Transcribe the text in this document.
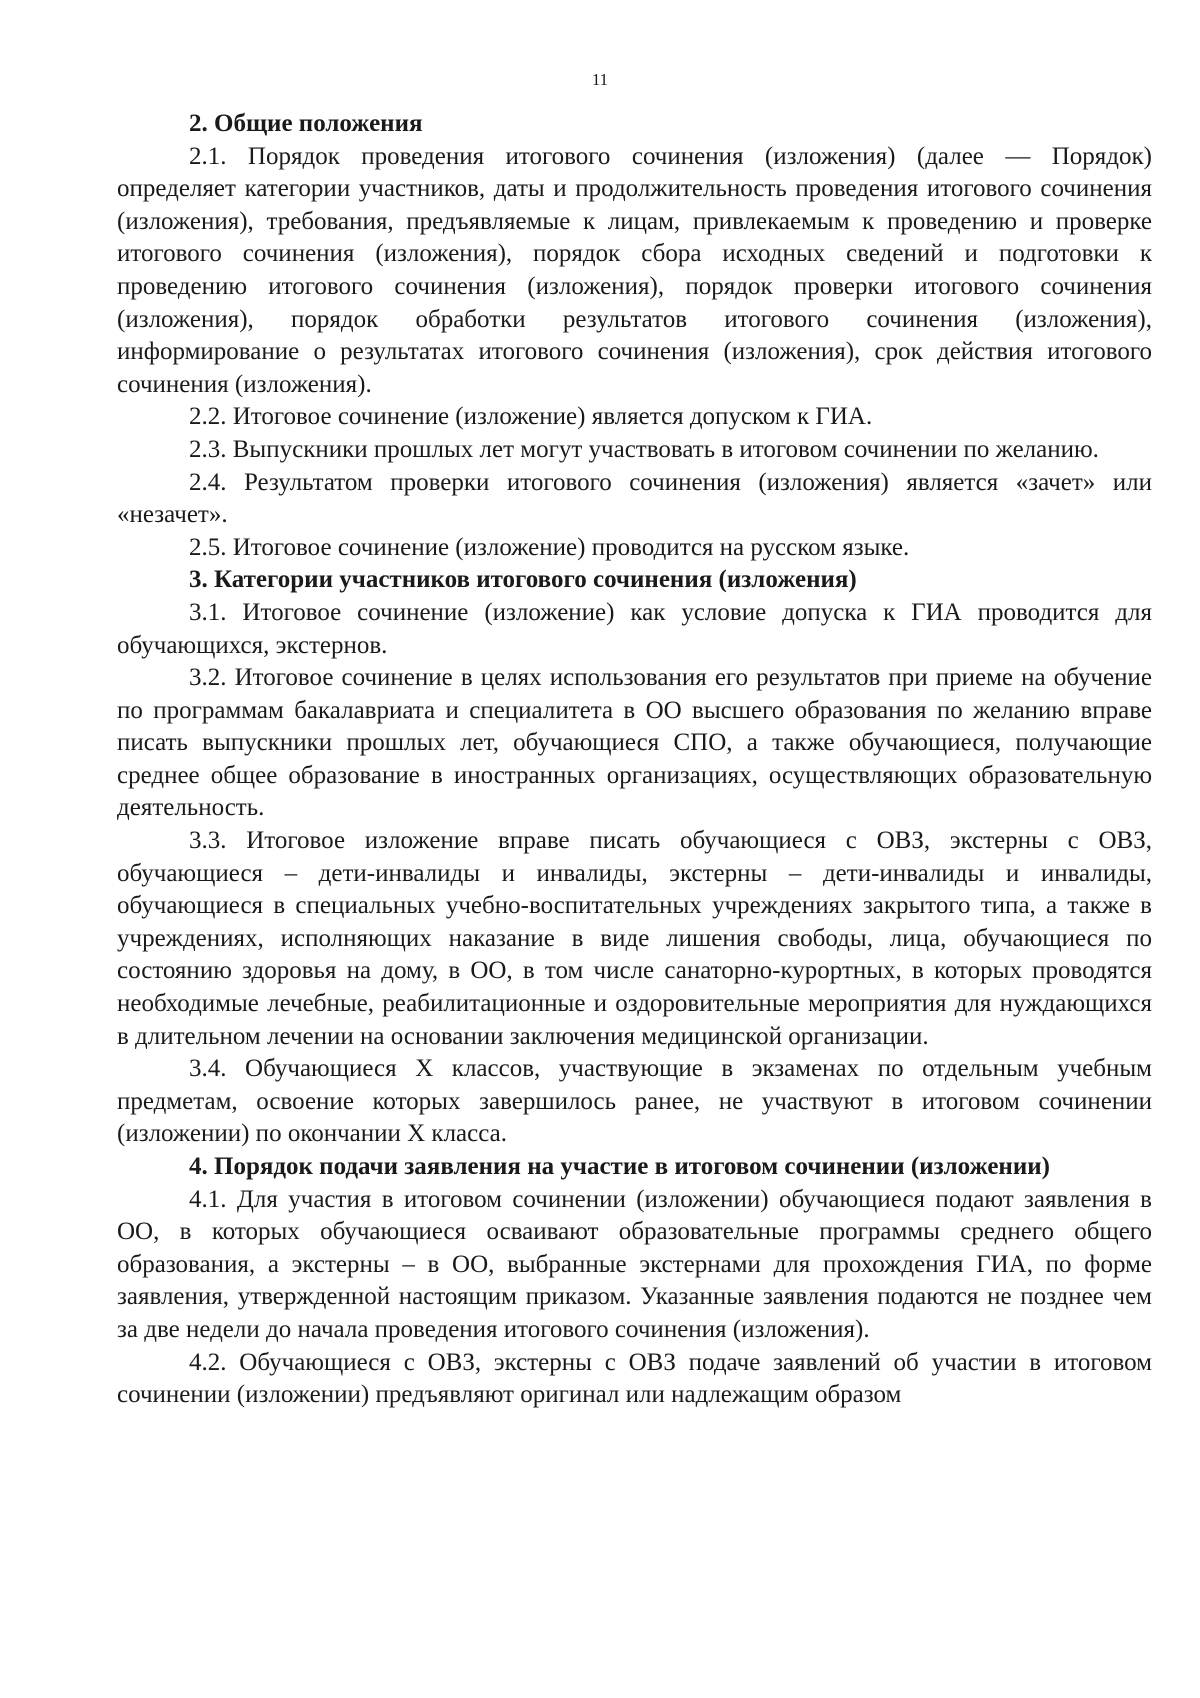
11
2. Общие положения

2.1. Порядок проведения итогового сочинения (изложения) (далее — Порядок) определяет категории участников, даты и продолжительность проведения итогового сочинения (изложения), требования, предъявляемые к лицам, привлекаемым к проведению и проверке итогового сочинения (изложения), порядок сбора исходных сведений и подготовки к проведению итогового сочинения (изложения), порядок проверки итогового сочинения (изложения), порядок обработки результатов итогового сочинения (изложения), информирование о результатах итогового сочинения (изложения), срок действия итогового сочинения (изложения).

2.2. Итоговое сочинение (изложение) является допуском к ГИА.

2.3. Выпускники прошлых лет могут участвовать в итоговом сочинении по желанию.

2.4. Результатом проверки итогового сочинения (изложения) является «зачет» или «незачет».

2.5. Итоговое сочинение (изложение) проводится на русском языке.

3. Категории участников итогового сочинения (изложения)

3.1. Итоговое сочинение (изложение) как условие допуска к ГИА проводится для обучающихся, экстернов.

3.2. Итоговое сочинение в целях использования его результатов при приеме на обучение по программам бакалавриата и специалитета в ОО высшего образования по желанию вправе писать выпускники прошлых лет, обучающиеся СПО, а также обучающиеся, получающие среднее общее образование в иностранных организациях, осуществляющих образовательную деятельность.

3.3. Итоговое изложение вправе писать обучающиеся с ОВЗ, экстерны с ОВЗ, обучающиеся – дети-инвалиды и инвалиды, экстерны – дети-инвалиды и инвалиды, обучающиеся в специальных учебно-воспитательных учреждениях закрытого типа, а также в учреждениях, исполняющих наказание в виде лишения свободы, лица, обучающиеся по состоянию здоровья на дому, в ОО, в том числе санаторно-курортных, в которых проводятся необходимые лечебные, реабилитационные и оздоровительные мероприятия для нуждающихся в длительном лечении на основании заключения медицинской организации.

3.4. Обучающиеся X классов, участвующие в экзаменах по отдельным учебным предметам, освоение которых завершилось ранее, не участвуют в итоговом сочинении (изложении) по окончании X класса.

4. Порядок подачи заявления на участие в итоговом сочинении (изложении)

4.1. Для участия в итоговом сочинении (изложении) обучающиеся подают заявления в ОО, в которых обучающиеся осваивают образовательные программы среднего общего образования, а экстерны – в ОО, выбранные экстернами для прохождения ГИА, по форме заявления, утвержденной настоящим приказом. Указанные заявления подаются не позднее чем за две недели до начала проведения итогового сочинения (изложения).

4.2. Обучающиеся с ОВЗ, экстерны с ОВЗ подаче заявлений об участии в итоговом сочинении (изложении) предъявляют оригинал или надлежащим образом
